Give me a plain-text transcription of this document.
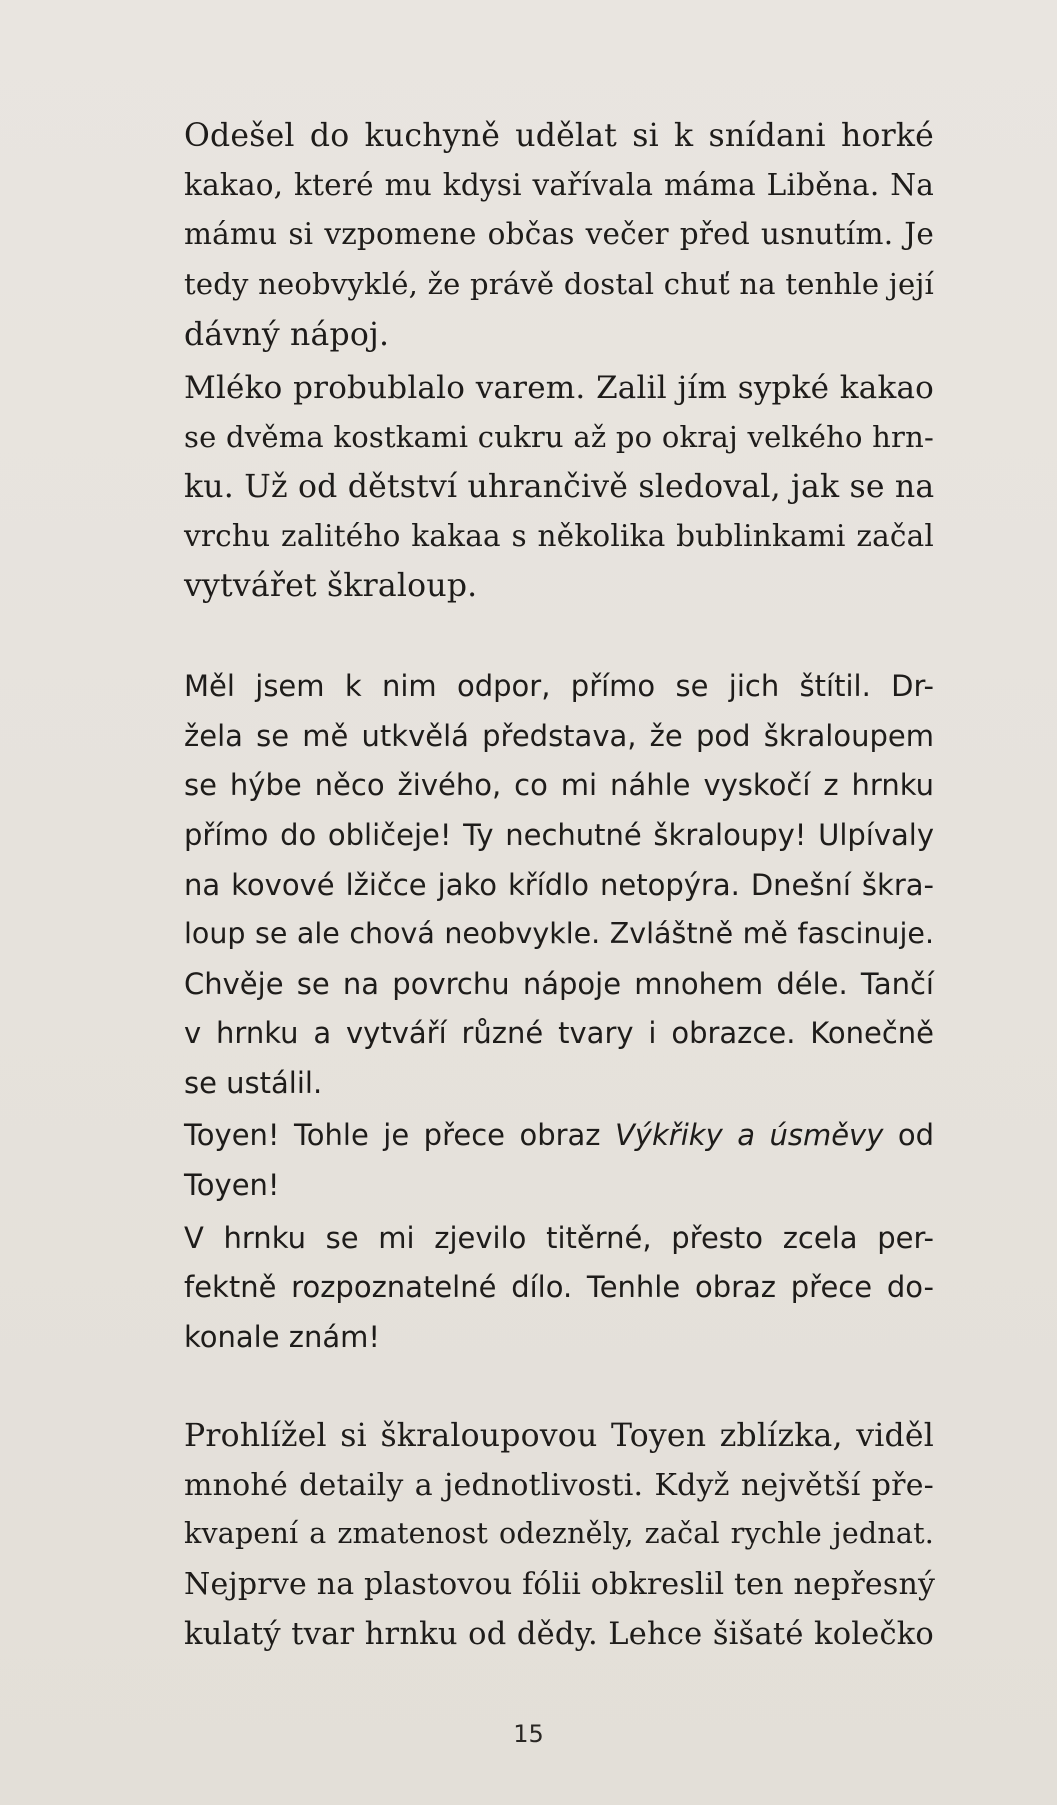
Odešel do kuchyně udělat si k snídani horké
kakao, které mu kdysi vařívala máma Liběna. Na
mámu si vzpomene občas večer před usnutím. Je
tedy neobvyklé, že právě dostal chuť na tenhle její
dávný nápoj.
Mléko probublalo varem. Zalil jím sypké kakao
se dvěma kostkami cukru až po okraj velkého hrn-
ku. Už od dětství uhrančivě sledoval, jak se na
vrchu zalitého kakaa s několika bublinkami začal
vytvářet škraloup.
Měl jsem k nim odpor, přímo se jich štítil. Dr-
žela se mě utkvělá představa, že pod škraloupem
se hýbe něco živého, co mi náhle vyskočí z hrnku
přímo do obličeje! Ty nechutné škraloupy! Ulpívaly
na kovové lžičce jako křídlo netopýra. Dnešní škra-
loup se ale chová neobvykle. Zvláštně mě fascinuje.
Chvěje se na povrchu nápoje mnohem déle. Tančí
v hrnku a vytváří různé tvary i obrazce. Konečně
se ustálil.
Toyen! Tohle je přece obraz Výkřiky a úsměvy od
Toyen!
V hrnku se mi zjevilo titěrné, přesto zcela per-
fektně rozpoznatelné dílo. Tenhle obraz přece do-
konale znám!
Prohlížel si škraloupovou Toyen zblízka, viděl
mnohé detaily a jednotlivosti. Když největší pře-
kvapení a zmatenost odezněly, začal rychle jednat.
Nejprve na plastovou fólii obkreslil ten nepřesný
kulatý tvar hrnku od dědy. Lehce šišaté kolečko
15
